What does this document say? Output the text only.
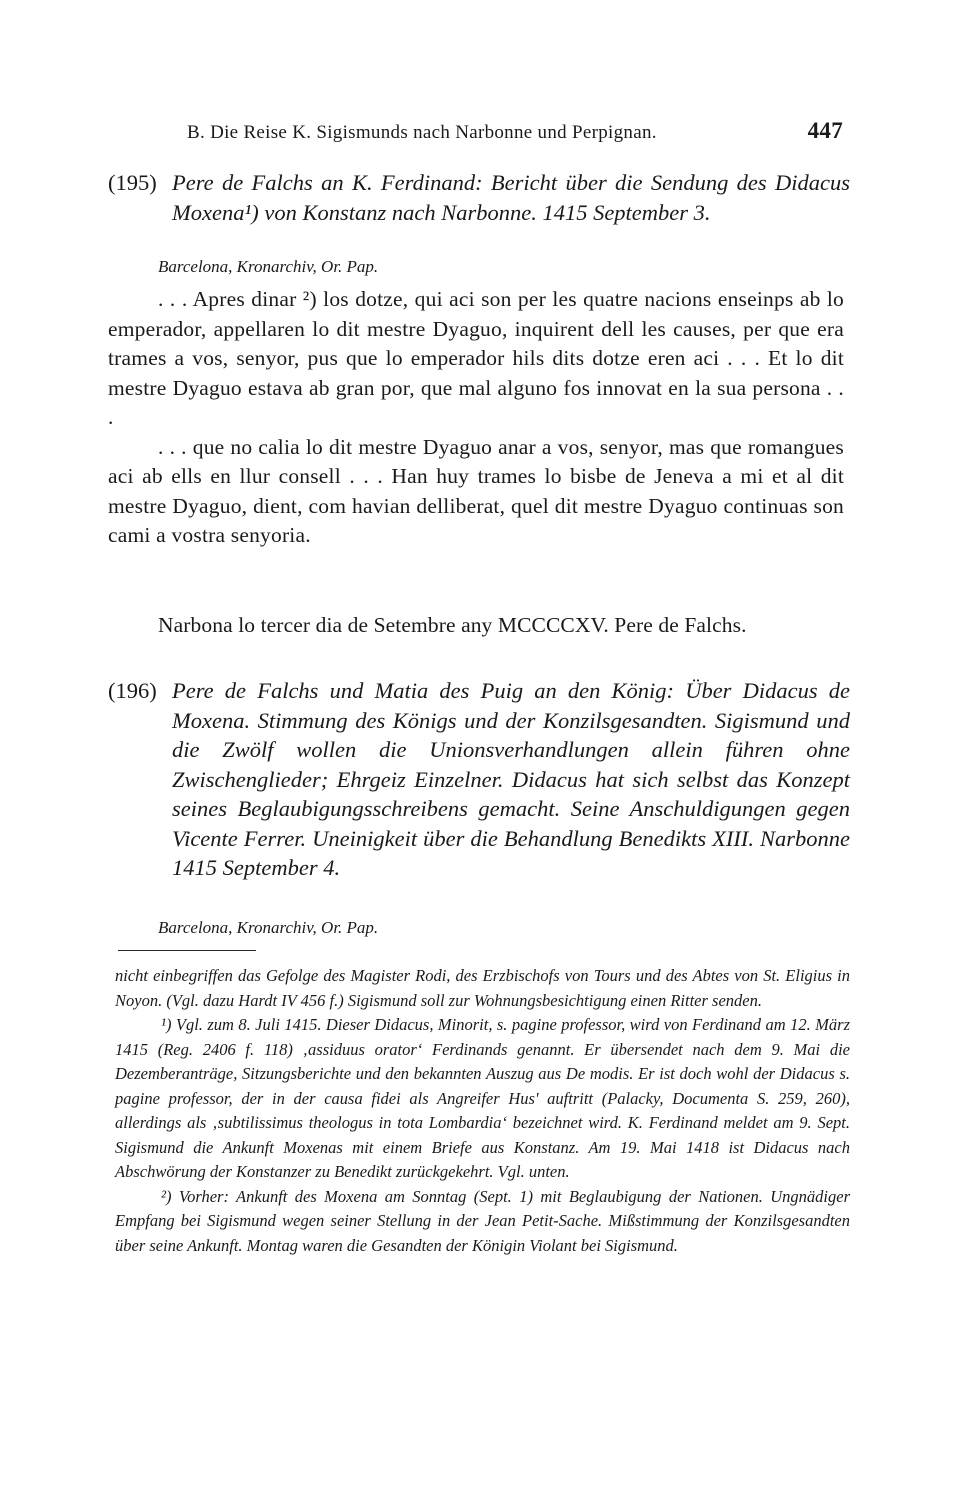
B. Die Reise K. Sigismunds nach Narbonne und Perpignan.	447
(195) Pere de Falchs an K. Ferdinand: Bericht über die Sendung des Didacus Moxena¹) von Konstanz nach Narbonne. 1415 September 3.
Barcelona, Kronarchiv, Or. Pap.

. . . Apres dinar ²) los dotze, qui aci son per les quatre nacions enseinps ab lo emperador, appellaren lo dit mestre Dyaguo, inquirent dell les causes, per que era trames a vos, senyor, pus que lo emperador hils dits dotze eren aci . . . Et lo dit mestre Dyaguo estava ab gran por, que mal alguno fos innovat en la sua persona . . .

. . . que no calia lo dit mestre Dyaguo anar a vos, senyor, mas que romangues aci ab ells en llur consell . . . Han huy trames lo bisbe de Jeneva a mi et al dit mestre Dyaguo, dient, com havian delliberat, quel dit mestre Dyaguo continuas son cami a vostra senyoria.

Narbona lo tercer dia de Setembre any MCCCCXV. Pere de Falchs.
(196) Pere de Falchs und Matia des Puig an den König: Über Didacus de Moxena. Stimmung des Königs und der Konzilsgesandten. Sigismund und die Zwölf wollen die Unionsverhandlungen allein führen ohne Zwischenglieder; Ehrgeiz Einzelner. Didacus hat sich selbst das Konzept seines Beglaubigungsschreibens gemacht. Seine Anschuldigungen gegen Vicente Ferrer. Uneinigkeit über die Behandlung Benedikts XIII. Narbonne 1415 September 4.
Barcelona, Kronarchiv, Or. Pap.

nicht einbegriffen das Gefolge des Magister Rodi, des Erzbischofs von Tours und des Abtes von St. Eligius in Noyon. (Vgl. dazu Hardt IV 456 f.) Sigismund soll zur Wohnungsbesichtigung einen Ritter senden.

¹) Vgl. zum 8. Juli 1415. Dieser Didacus, Minorit, s. pagine professor, wird von Ferdinand am 12. März 1415 (Reg. 2406 f. 118) ‚assiduus orator‘ Ferdinands genannt. Er übersendet nach dem 9. Mai die Dezemberanträge, Sitzungsberichte und den bekannten Auszug aus De modis. Er ist doch wohl der Didacus s. pagine professor, der in der causa fidei als Angreifer Hus' auftritt (Palacky, Documenta S. 259, 260), allerdings als ‚subtilissimus theologus in tota Lombardia‘ bezeichnet wird. K. Ferdinand meldet am 9. Sept. Sigismund die Ankunft Moxenas mit einem Briefe aus Konstanz. Am 19. Mai 1418 ist Didacus nach Abschwörung der Konstanzer zu Benedikt zurückgekehrt. Vgl. unten.

²) Vorher: Ankunft des Moxena am Sonntag (Sept. 1) mit Beglaubigung der Nationen. Ungnädiger Empfang bei Sigismund wegen seiner Stellung in der Jean Petit-Sache. Mißstimmung der Konzilsgesandten über seine Ankunft. Montag waren die Gesandten der Königin Violant bei Sigismund.
